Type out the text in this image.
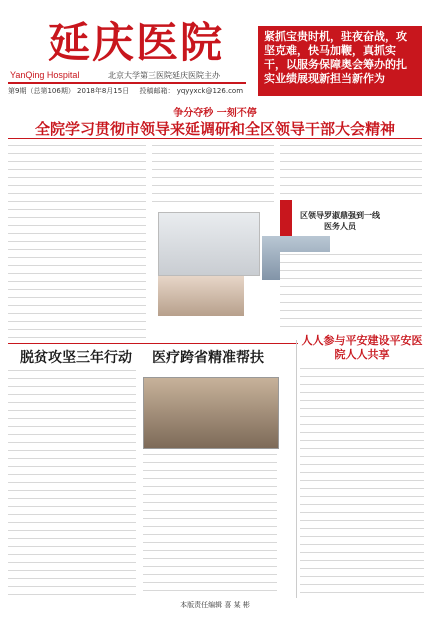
延庆医院
YanQing Hospital	北京大学第三医院延庆医院主办
第9期（总第106期） 2018年8月15日 投稿邮箱： yqyyxck@126.com
紧抓宝贵时机，驻夜奋战，攻坚克难，快马加鞭，真抓实干，以服务保障奥会筹办的扎实业绩展现新担当新作为
争分夺秒 一刻不停
全院学习贯彻市领导来延调研和全区领导干部大会精神
区领导罗淑鼎强到一线医务人员
脱贫攻坚三年行动 医疗跨省精准帮扶
人人参与平安建设平安医院人人共享
本版责任编辑 喜 某 彬
